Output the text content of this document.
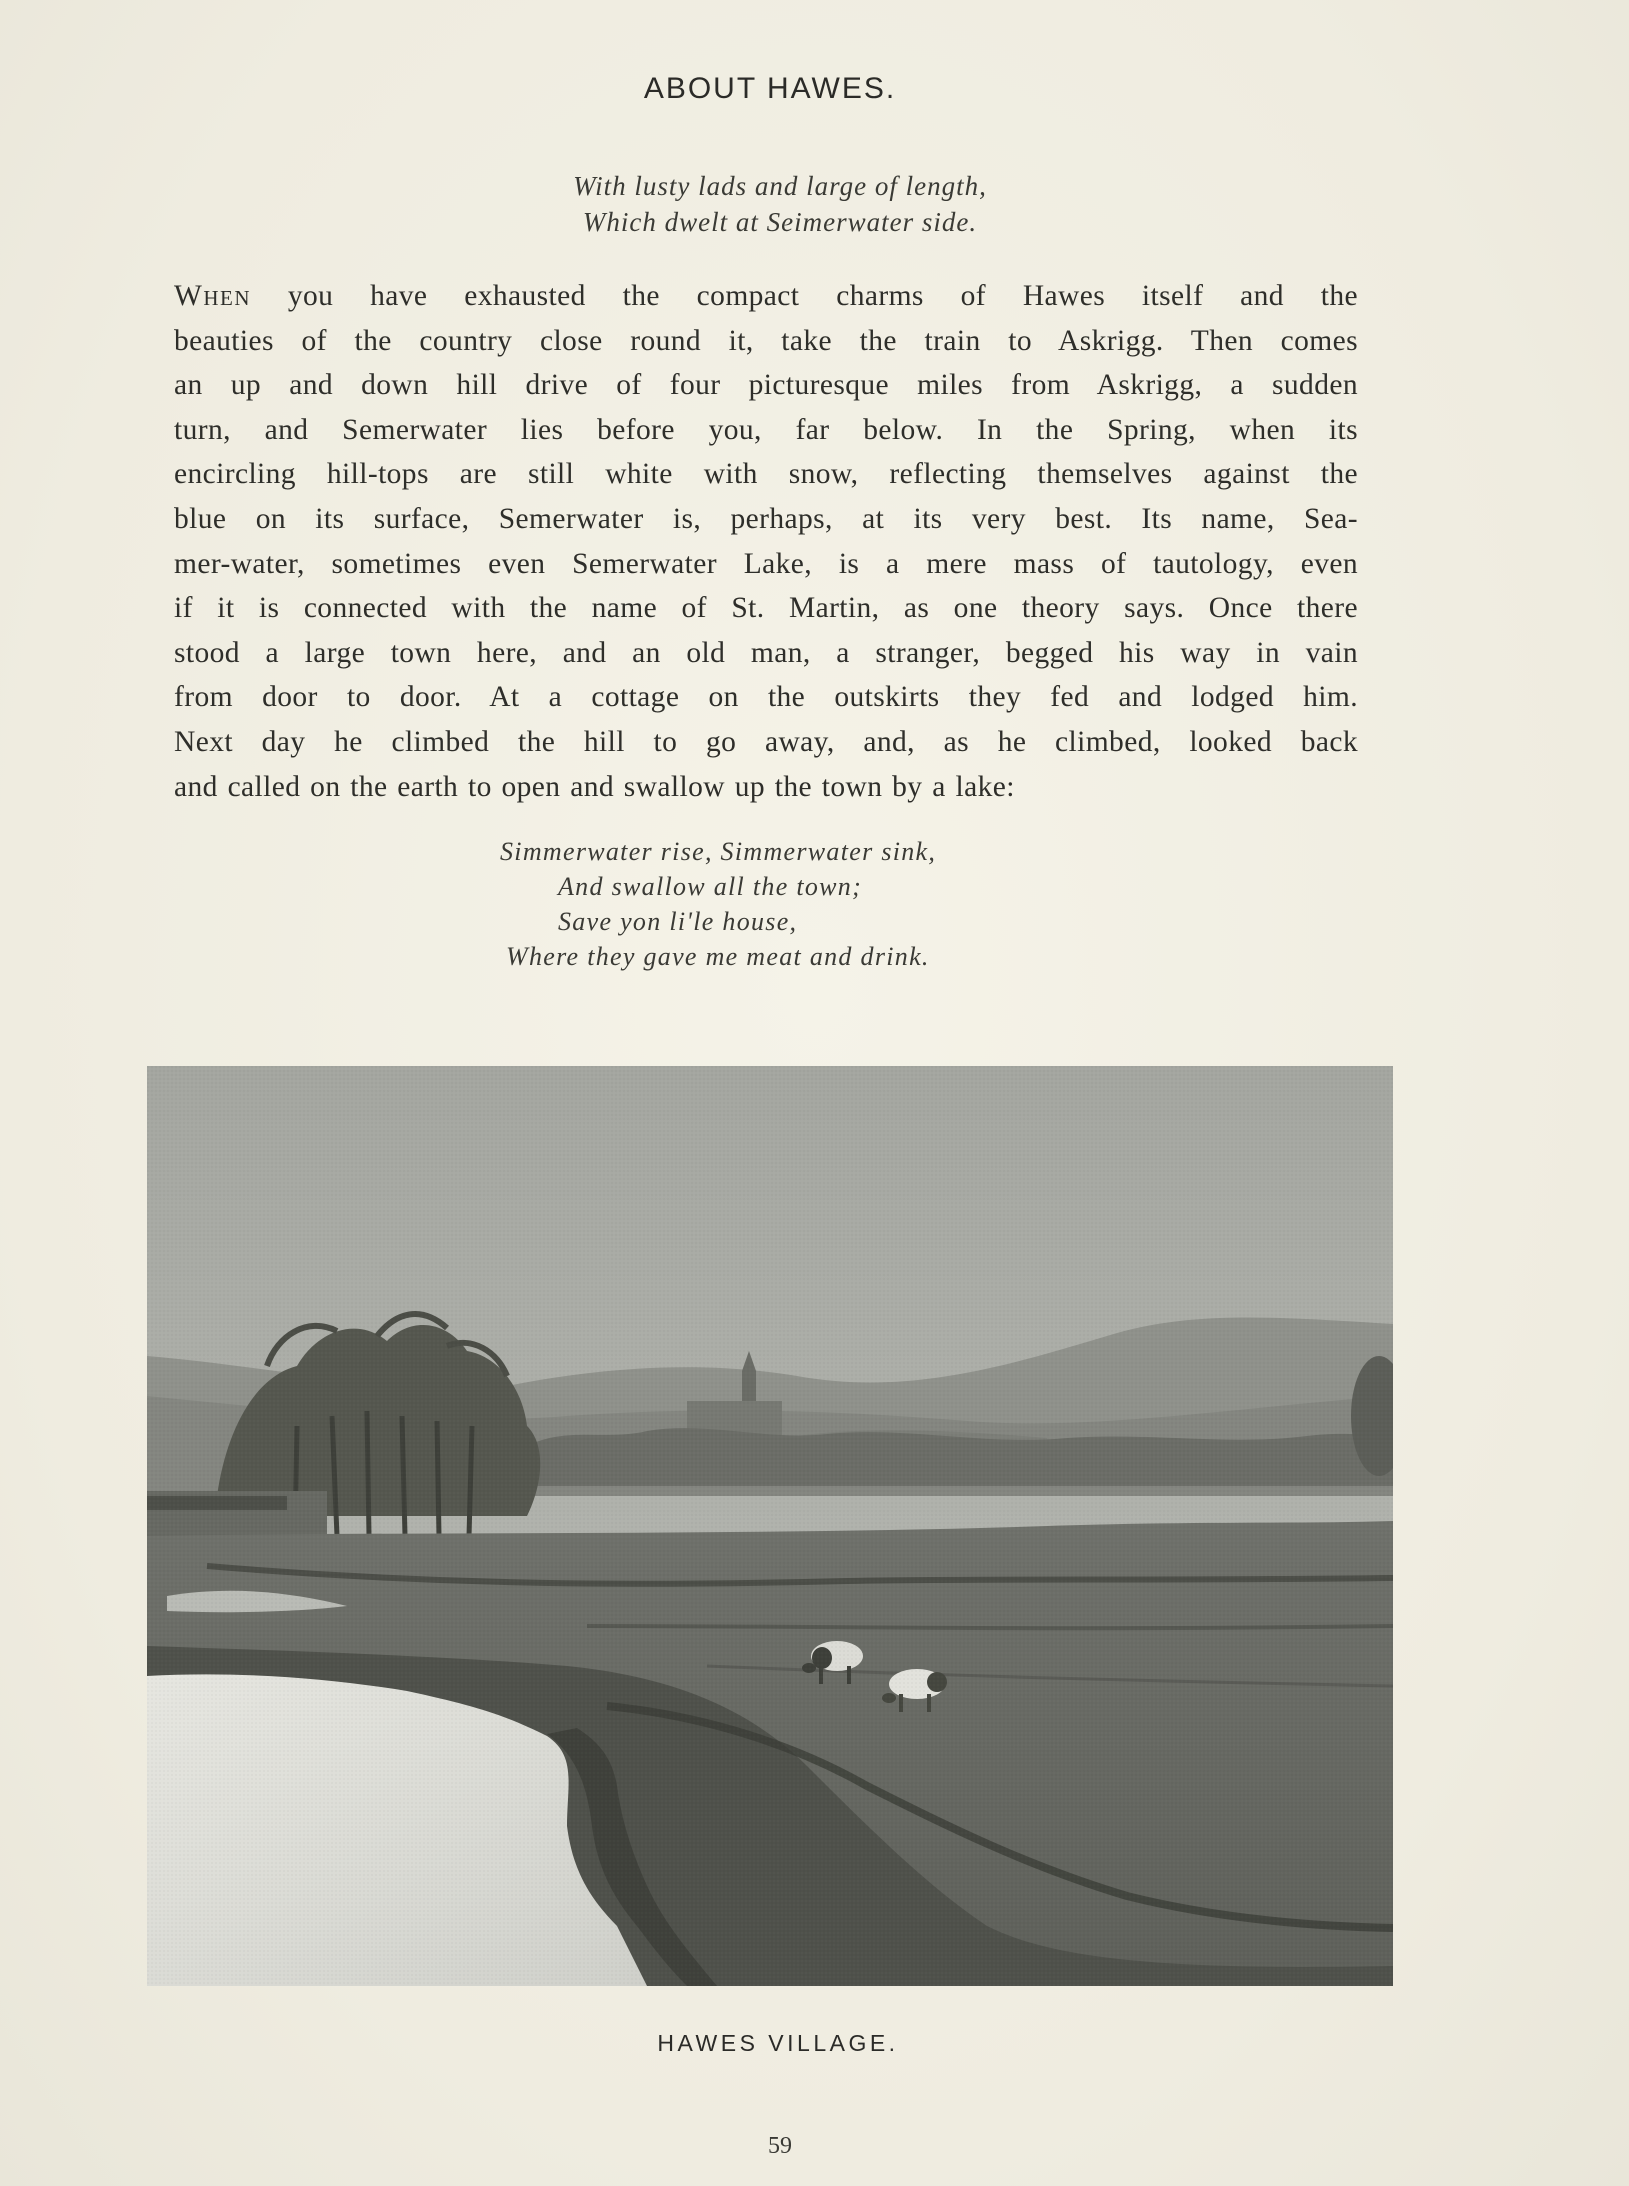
ABOUT HAWES.
With lusty lads and large of length,
Which dwelt at Seimerwater side.
When you have exhausted the compact charms of Hawes itself and the
beauties of the country close round it, take the train to Askrigg. Then comes
an up and down hill drive of four picturesque miles from Askrigg, a sudden
turn, and Semerwater lies before you, far below. In the Spring, when its
encircling hill-tops are still white with snow, reflecting themselves against the
blue on its surface, Semerwater is, perhaps, at its very best. Its name, Sea-
mer-water, sometimes even Semerwater Lake, is a mere mass of tautology, even
if it is connected with the name of St. Martin, as one theory says. Once there
stood a large town here, and an old man, a stranger, begged his way in vain
from door to door. At a cottage on the outskirts they fed and lodged him.
Next day he climbed the hill to go away, and, as he climbed, looked back
and called on the earth to open and swallow up the town by a lake:
Simmerwater rise, Simmerwater sink,
And swallow all the town;
Save yon li'le house,
Where they gave me meat and drink.
HAWES VILLAGE.
59
